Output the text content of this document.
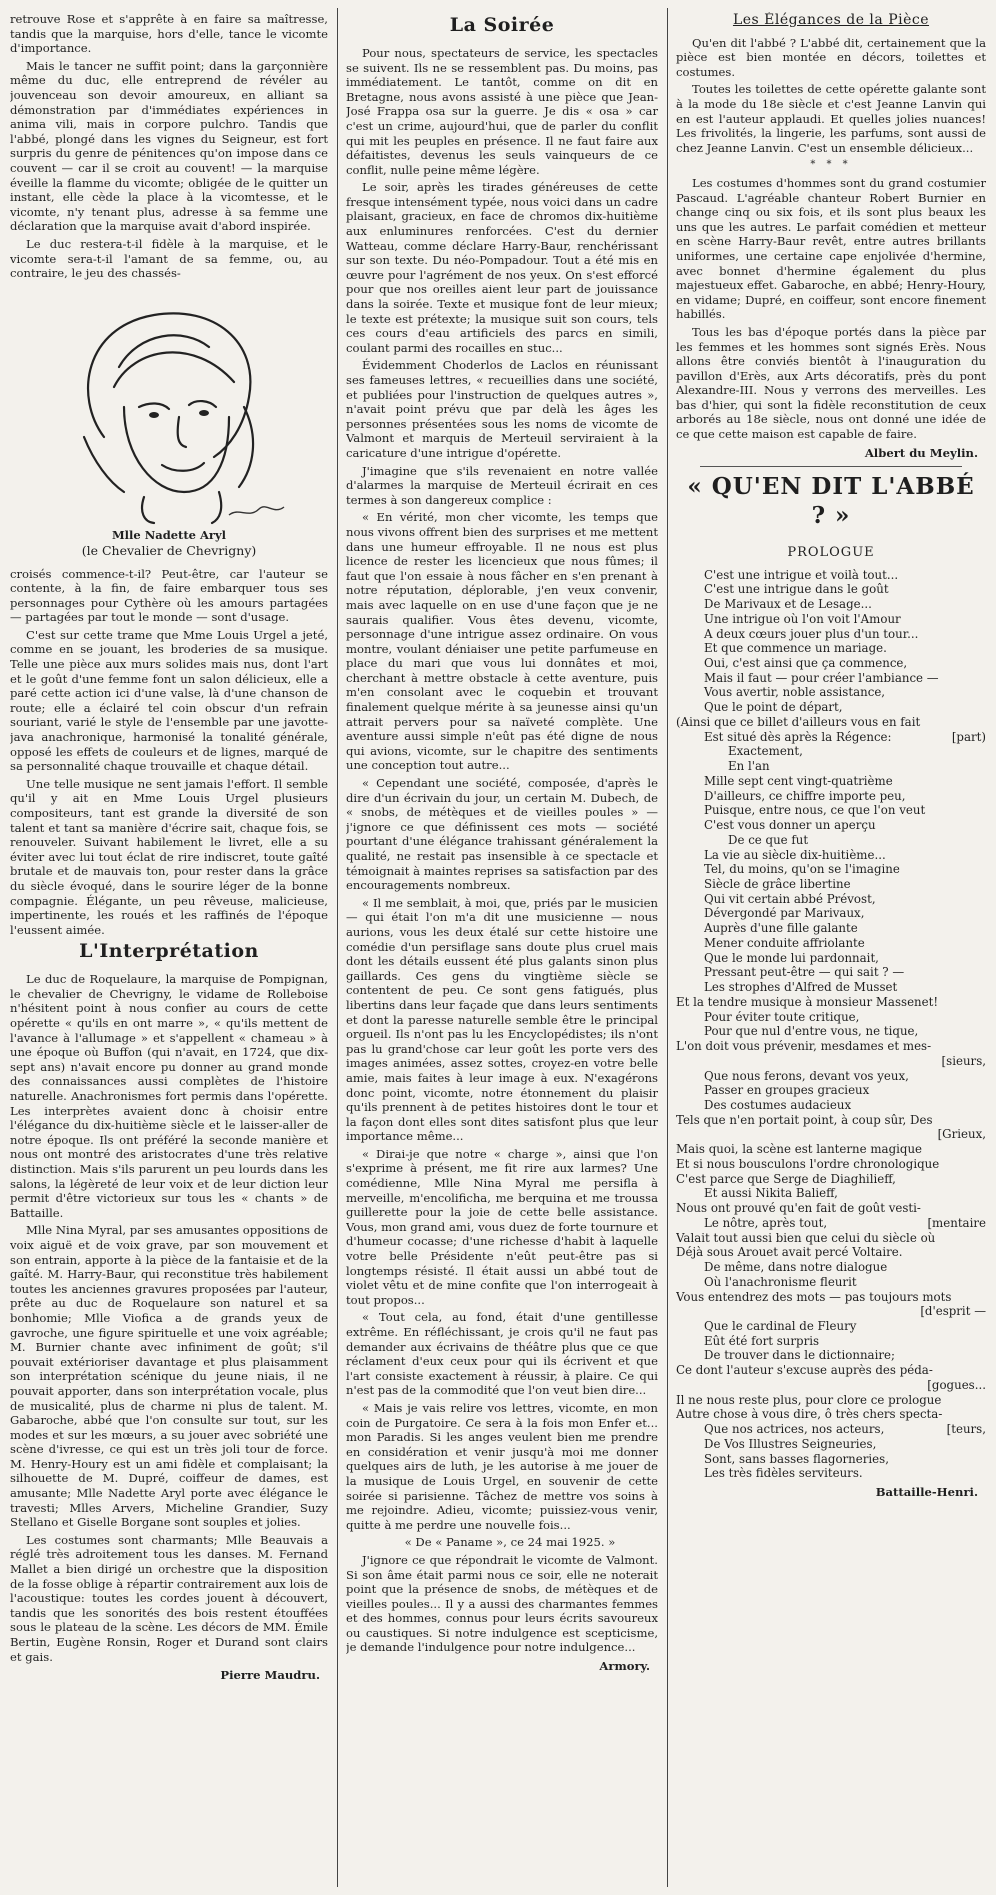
retrouve Rose et s'apprête à en faire sa maîtresse, tandis que la marquise, hors d'elle, tance le vicomte d'importance.

Mais le tancer ne suffit point; dans la garçonnière même du duc, elle entreprend de révéler au jouvenceau son devoir amoureux, en alliant sa démonstration par d'immédiates expériences in anima vili, mais in corpore pulchro. Tandis que l'abbé, plongé dans les vignes du Seigneur, est fort surpris du genre de pénitences qu'on impose dans ce couvent — car il se croit au couvent! — la marquise éveille la flamme du vicomte; obligée de le quitter un instant, elle cède la place à la vicomtesse, et le vicomte, n'y tenant plus, adresse à sa femme une déclaration que la marquise avait d'abord inspirée.

Le duc restera-t-il fidèle à la marquise, et le vicomte sera-t-il l'amant de sa femme, ou, au contraire, le jeu des chassés-

Mlle Nadette Aryl
(le Chevalier de Chevrigny)

croisés commence-t-il? Peut-être, car l'auteur se contente, à la fin, de faire embarquer tous ses personnages pour Cythère où les amours partagées — partagées par tout le monde — sont d'usage.

C'est sur cette trame que Mme Louis Urgel a jeté, comme en se jouant, les broderies de sa musique. Telle une pièce aux murs solides mais nus, dont l'art et le goût d'une femme font un salon délicieux, elle a paré cette action ici d'une valse, là d'une chanson de route; elle a éclairé tel coin obscur d'un refrain souriant, varié le style de l'ensemble par une javotte-java anachronique, harmonisé la tonalité générale, opposé les effets de couleurs et de lignes, marqué de sa personnalité chaque trouvaille et chaque détail.

Une telle musique ne sent jamais l'effort. Il semble qu'il y ait en Mme Louis Urgel plusieurs compositeurs, tant est grande la diversité de son talent et tant sa manière d'écrire sait, chaque fois, se renouveler. Suivant habilement le livret, elle a su éviter avec lui tout éclat de rire indiscret, toute gaîté brutale et de mauvais ton, pour rester dans la grâce du siècle évoqué, dans le sourire léger de la bonne compagnie. Élégante, un peu rêveuse, malicieuse, impertinente, les roués et les raffinés de l'époque l'eussent aimée.

L'Interprétation

Le duc de Roquelaure, la marquise de Pompignan, le chevalier de Chevrigny, le vidame de Rolleboise n'hésitent point à nous confier au cours de cette opérette « qu'ils en ont marre », « qu'ils mettent de l'avance à l'allumage » et s'appellent « chameau » à une époque où Buffon (qui n'avait, en 1724, que dix-sept ans) n'avait encore pu donner au grand monde des connaissances aussi complètes de l'histoire naturelle. Anachronismes fort permis dans l'opérette. Les interprètes avaient donc à choisir entre l'élégance du dix-huitième siècle et le laisser-aller de notre époque. Ils ont préféré la seconde manière et nous ont montré des aristocrates d'une très relative distinction. Mais s'ils parurent un peu lourds dans les salons, la légèreté de leur voix et de leur diction leur permit d'être victorieux sur tous les « chants » de Battaille.

Mlle Nina Myral, par ses amusantes oppositions de voix aiguë et de voix grave, par son mouvement et son entrain, apporte à la pièce de la fantaisie et de la gaîté. M. Harry-Baur, qui reconstitue très habilement toutes les anciennes gravures proposées par l'auteur, prête au duc de Roquelaure son naturel et sa bonhomie; Mlle Viofica a de grands yeux de gavroche, une figure spirituelle et une voix agréable; M. Burnier chante avec infiniment de goût; s'il pouvait extérioriser davantage et plus plaisamment son interprétation scénique du jeune niais, il ne pouvait apporter, dans son interprétation vocale, plus de musicalité, plus de charme ni plus de talent. M. Gabaroche, abbé que l'on consulte sur tout, sur les modes et sur les mœurs, a su jouer avec sobriété une scène d'ivresse, ce qui est un très joli tour de force. M. Henry-Houry est un ami fidèle et complaisant; la silhouette de M. Dupré, coiffeur de dames, est amusante; Mlle Nadette Aryl porte avec élégance le travesti; Mlles Arvers, Micheline Grandier, Suzy Stellano et Giselle Borgane sont souples et jolies.

Les costumes sont charmants; Mlle Beauvais a réglé très adroitement tous les danses. M. Fernand Mallet a bien dirigé un orchestre que la disposition de la fosse oblige à répartir contrairement aux lois de l'acoustique: toutes les cordes jouent à découvert, tandis que les sonorités des bois restent étouffées sous le plateau de la scène. Les décors de MM. Émile Bertin, Eugène Ronsin, Roger et Durand sont clairs et gais.

Pierre Maudru.
La Soirée

Pour nous, spectateurs de service, les spectacles se suivent. Ils ne se ressemblent pas. Du moins, pas immédiatement. Le tantôt, comme on dit en Bretagne, nous avons assisté à une pièce que Jean-José Frappa osa sur la guerre. Je dis « osa » car c'est un crime, aujourd'hui, que de parler du conflit qui mit les peuples en présence. Il ne faut faire aux défaitistes, devenus les seuls vainqueurs de ce conflit, nulle peine même légère.

Le soir, après les tirades généreuses de cette fresque intensément typée, nous voici dans un cadre plaisant, gracieux, en face de chromos dix-huitième aux enluminures renforcées. C'est du dernier Watteau, comme déclare Harry-Baur, renchérissant sur son texte. Du néo-Pompadour. Tout a été mis en œuvre pour l'agrément de nos yeux. On s'est efforcé pour que nos oreilles aient leur part de jouissance dans la soirée. Texte et musique font de leur mieux; le texte est prétexte; la musique suit son cours, tels ces cours d'eau artificiels des parcs en simili, coulant parmi des rocailles en stuc...

Évidemment Choderlos de Laclos en réunissant ses fameuses lettres, « recueillies dans une société, et publiées pour l'instruction de quelques autres », n'avait point prévu que par delà les âges les personnes présentées sous les noms de vicomte de Valmont et marquis de Merteuil serviraient à la caricature d'une intrigue d'opérette.

J'imagine que s'ils revenaient en notre vallée d'alarmes la marquise de Merteuil écrirait en ces termes à son dangereux complice :

« En vérité, mon cher vicomte, les temps que nous vivons offrent bien des surprises et me mettent dans une humeur effroyable. Il ne nous est plus licence de rester les licencieux que nous fûmes; il faut que l'on essaie à nous fâcher en s'en prenant à notre réputation, déplorable, j'en veux convenir, mais avec laquelle on en use d'une façon que je ne saurais qualifier. Vous êtes devenu, vicomte, personnage d'une intrigue assez ordinaire. On vous montre, voulant déniaiser une petite parfumeuse en place du mari que vous lui donnâtes et moi, cherchant à mettre obstacle à cette aventure, puis m'en consolant avec le coquebin et trouvant finalement quelque mérite à sa jeunesse ainsi qu'un attrait pervers pour sa naïveté complète. Une aventure aussi simple n'eût pas été digne de nous qui avions, vicomte, sur le chapitre des sentiments une conception tout autre...

« Cependant une société, composée, d'après le dire d'un écrivain du jour, un certain M. Dubech, de « snobs, de métèques et de vieilles poules » — j'ignore ce que définissent ces mots — société pourtant d'une élégance trahissant généralement la qualité, ne restait pas insensible à ce spectacle et témoignait à maintes reprises sa satisfaction par des encouragements nombreux.

« Il me semblait, à moi, que, priés par le musicien — qui était l'on m'a dit une musicienne — nous aurions, vous les deux étalé sur cette histoire une comédie d'un persiflage sans doute plus cruel mais dont les détails eussent été plus galants sinon plus gaillards. Ces gens du vingtième siècle se contentent de peu. Ce sont gens fatigués, plus libertins dans leur façade que dans leurs sentiments et dont la paresse naturelle semble être le principal orgueil. Ils n'ont pas lu les Encyclopédistes; ils n'ont pas lu grand'chose car leur goût les porte vers des images animées, assez sottes, croyez-en votre belle amie, mais faites à leur image à eux. N'exagérons donc point, vicomte, notre étonnement du plaisir qu'ils prennent à de petites histoires dont le tour et la façon dont elles sont dites satisfont plus que leur importance même...

« Dirai-je que notre « charge », ainsi que l'on s'exprime à présent, me fit rire aux larmes? Une comédienne, Mlle Nina Myral me persifla à merveille, m'encolifichа, me berquina et me troussa guillerette pour la joie de cette belle assistance. Vous, mon grand ami, vous duez de forte tournure et d'humeur cocasse; d'une richesse d'habit à laquelle votre belle Présidente n'eût peut-être pas si longtemps résisté. Il était aussi un abbé tout de violet vêtu et de mine confite que l'on interrogeait à tout propos...

« Tout cela, au fond, était d'une gentillesse extrême. En réfléchissant, je crois qu'il ne faut pas demander aux écrivains de théâtre plus que ce que réclament d'eux ceux pour qui ils écrivent et que l'art consiste exactement à réussir, à plaire. Ce qui n'est pas de la commodité que l'on veut bien dire...

« Mais je vais relire vos lettres, vicomte, en mon coin de Purgatoire. Ce sera à la fois mon Enfer et... mon Paradis. Si les anges veulent bien me prendre en considération et venir jusqu'à moi me donner quelques airs de luth, je les autorise à me jouer de la musique de Louis Urgel, en souvenir de cette soirée si parisienne. Tâchez de mettre vos soins à me rejoindre. Adieu, vicomte; puissiez-vous venir, quitte à me perdre une nouvelle fois...

« De « Paname », ce 24 mai 1925. »

J'ignore ce que répondrait le vicomte de Valmont. Si son âme était parmi nous ce soir, elle ne noterait point que la présence de snobs, de métèques et de vieilles poules... Il y a aussi des charmantes femmes et des hommes, connus pour leurs écrits savoureux ou caustiques. Si notre indulgence est scepticisme, je demande l'indulgence pour notre indulgence...

Armory.
Les Élégances de la Pièce

Qu'en dit l'abbé ? L'abbé dit, certainement que la pièce est bien montée en décors, toilettes et costumes.

Toutes les toilettes de cette opérette galante sont à la mode du 18e siècle et c'est Jeanne Lanvin qui en est l'auteur applaudi. Et quelles jolies nuances! Les frivolités, la lingerie, les parfums, sont aussi de chez Jeanne Lanvin. C'est un ensemble délicieux...

* * *

Les costumes d'hommes sont du grand costumier Pascaud. L'agréable chanteur Robert Burnier en change cinq ou six fois, et ils sont plus beaux les uns que les autres. Le parfait comédien et metteur en scène Harry-Baur revêt, entre autres brillants uniformes, une certaine cape enjolivée d'hermine, avec bonnet d'hermine également du plus majestueux effet. Gabaroche, en abbé; Henry-Houry, en vidame; Dupré, en coiffeur, sont encore finement habillés.

Tous les bas d'époque portés dans la pièce par les femmes et les hommes sont signés Erès. Nous allons être conviés bientôt à l'inauguration du pavillon d'Erès, aux Arts décoratifs, près du pont Alexandre-III. Nous y verrons des merveilles. Les bas d'hier, qui sont la fidèle reconstitution de ceux arborés au 18e siècle, nous ont donné une idée de ce que cette maison est capable de faire.

Albert du Meylin.
« QU'EN DIT L'ABBÉ ? »
PROLOGUE
C'est une intrigue et voilà tout...
C'est une intrigue dans le goût
De Marivaux et de Lesage...
Une intrigue où l'on voit l'Amour
A deux cœurs jouer plus d'un tour...
Et que commence un mariage.
Oui, c'est ainsi que ça commence,
Mais il faut — pour créer l'ambiance —
Vous avertir, noble assistance,
Que le point de départ,
(Ainsi que ce billet d'ailleurs vous en fait
Est situé dès après la Régence:	[part)
Exactement,
En l'an
Mille sept cent vingt-quatrième
D'ailleurs, ce chiffre importe peu,
Puisque, entre nous, ce que l'on veut
C'est vous donner un aperçu
De ce que fut
La vie au siècle dix-huitième...
Tel, du moins, qu'on se l'imagine
Siècle de grâce libertine
Qui vit certain abbé Prévost,
Dévergondé par Marivaux,
Auprès d'une fille galante
Mener conduite affriolante
Que le monde lui pardonnait,
Pressant peut-être — qui sait ? —
Les strophes d'Alfred de Musset
Et la tendre musique à monsieur Massenet!
Pour éviter toute critique,
Pour que nul d'entre vous, ne tique,
L'on doit vous prévenir, mesdames et mes-
[sieurs,
Que nous ferons, devant vos yeux,
Passer en groupes gracieux
Des costumes audacieux
Tels que n'en portait point, à coup sûr, Des
[Grieux,
Mais quoi, la scène est lanterne magique
Et si nous bousculons l'ordre chronologique
C'est parce que Serge de Diaghilieff,
Et aussi Nikita Balieff,
Nous ont prouvé qu'en fait de goût vesti-
Le nôtre, après tout,	[mentaire
Valait tout aussi bien que celui du siècle où
Déjà sous Arouet avait percé Voltaire.
De même, dans notre dialogue
Où l'anachronisme fleurit
Vous entendrez des mots — pas toujours mots
[d'esprit —
Que le cardinal de Fleury
Eût été fort surpris
De trouver dans le dictionnaire;
Ce dont l'auteur s'excuse auprès des péda-
[gogues...
Il ne nous reste plus, pour clore ce prologue
Autre chose à vous dire, ô très chers specta-
Que nos actrices, nos acteurs,	[teurs,
De Vos Illustres Seigneuries,
Sont, sans basses flagorneries,
Les très fidèles serviteurs.
Battaille-Henri.
